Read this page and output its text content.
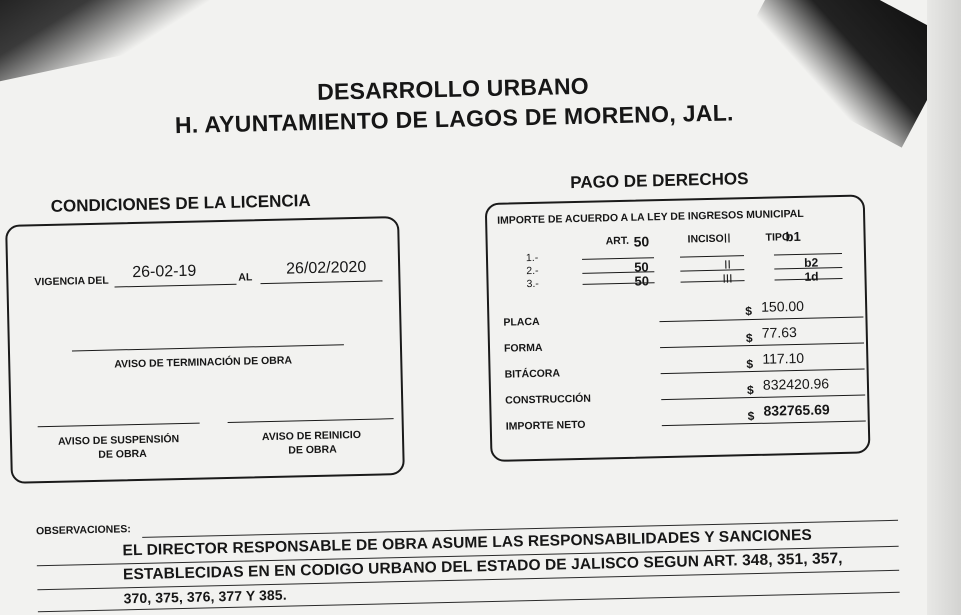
DESARROLLO URBANO
H. AYUNTAMIENTO DE LAGOS DE MORENO, JAL.
CONDICIONES DE LA LICENCIA
VIGENCIA DEL
26-02-19	AL 26/02/2020
AVISO DE TERMINACIÓN DE OBRA
AVISO DE SUSPENSIÓN
DE OBRA
AVISO DE REINICIO
DE OBRA
PAGO DE DERECHOS
IMPORTE DE ACUERDO A LA LEY DE INGRESOS MUNICIPAL
ART. 50	INCISO II	TIPO
b1
1.-
2.-	50	II	b2
3.-	50	III	1d
PLACA
$ 150.00
FORMA
$ 77.63
BITÁCORA
$ 117.10
CONSTRUCCIÓN
$ 832420.96
IMPORTE NETO
$ 832765.69
OBSERVACIONES:
EL DIRECTOR RESPONSABLE DE OBRA ASUME LAS RESPONSABILIDADES Y SANCIONES
ESTABLECIDAS EN EN CODIGO URBANO DEL ESTADO DE JALISCO SEGUN ART. 348, 351, 357,
370, 375, 376, 377 Y 385.
